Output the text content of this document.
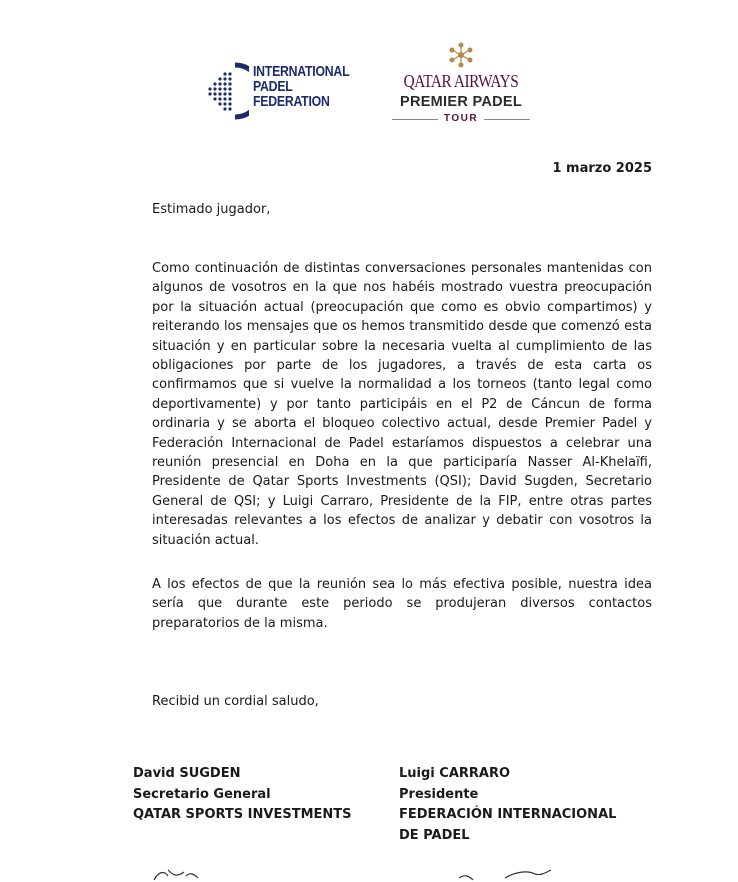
INTERNATIONAL
PADEL
FEDERATION
QATAR AIRWAYS
PREMIER PADEL
TOUR
1 marzo 2025
Estimado jugador,

Como continuación de distintas conversaciones personales mantenidas con algunos de vosotros en la que nos habéis mostrado vuestra preocupación por la situación actual (preocupación que como es obvio compartimos) y reiterando los mensajes que os hemos transmitido desde que comenzó esta situación y en particular sobre la necesaria vuelta al cumplimiento de las obligaciones por parte de los jugadores, a través de esta carta os confirmamos que si vuelve la normalidad a los torneos (tanto legal como deportivamente) y por tanto participáis en el P2 de Cáncun de forma ordinaria y se aborta el bloqueo colectivo actual, desde Premier Padel y Federación Internacional de Padel estaríamos dispuestos a celebrar una reunión presencial en Doha en la que participaría Nasser Al-Khelaïfi, Presidente de Qatar Sports Investments (QSI); David Sugden, Secretario General de QSI; y Luigi Carraro, Presidente de la FIP, entre otras partes interesadas relevantes a los efectos de analizar y debatir con vosotros la situación actual.

A los efectos de que la reunión sea lo más efectiva posible, nuestra idea sería que durante este periodo se produjeran diversos contactos preparatorios de la misma.

Recibid un cordial saludo,
David SUGDEN
Secretario General
QATAR SPORTS INVESTMENTS
Luigi CARRARO
Presidente
FEDERACIÓN INTERNACIONAL
DE PADEL
